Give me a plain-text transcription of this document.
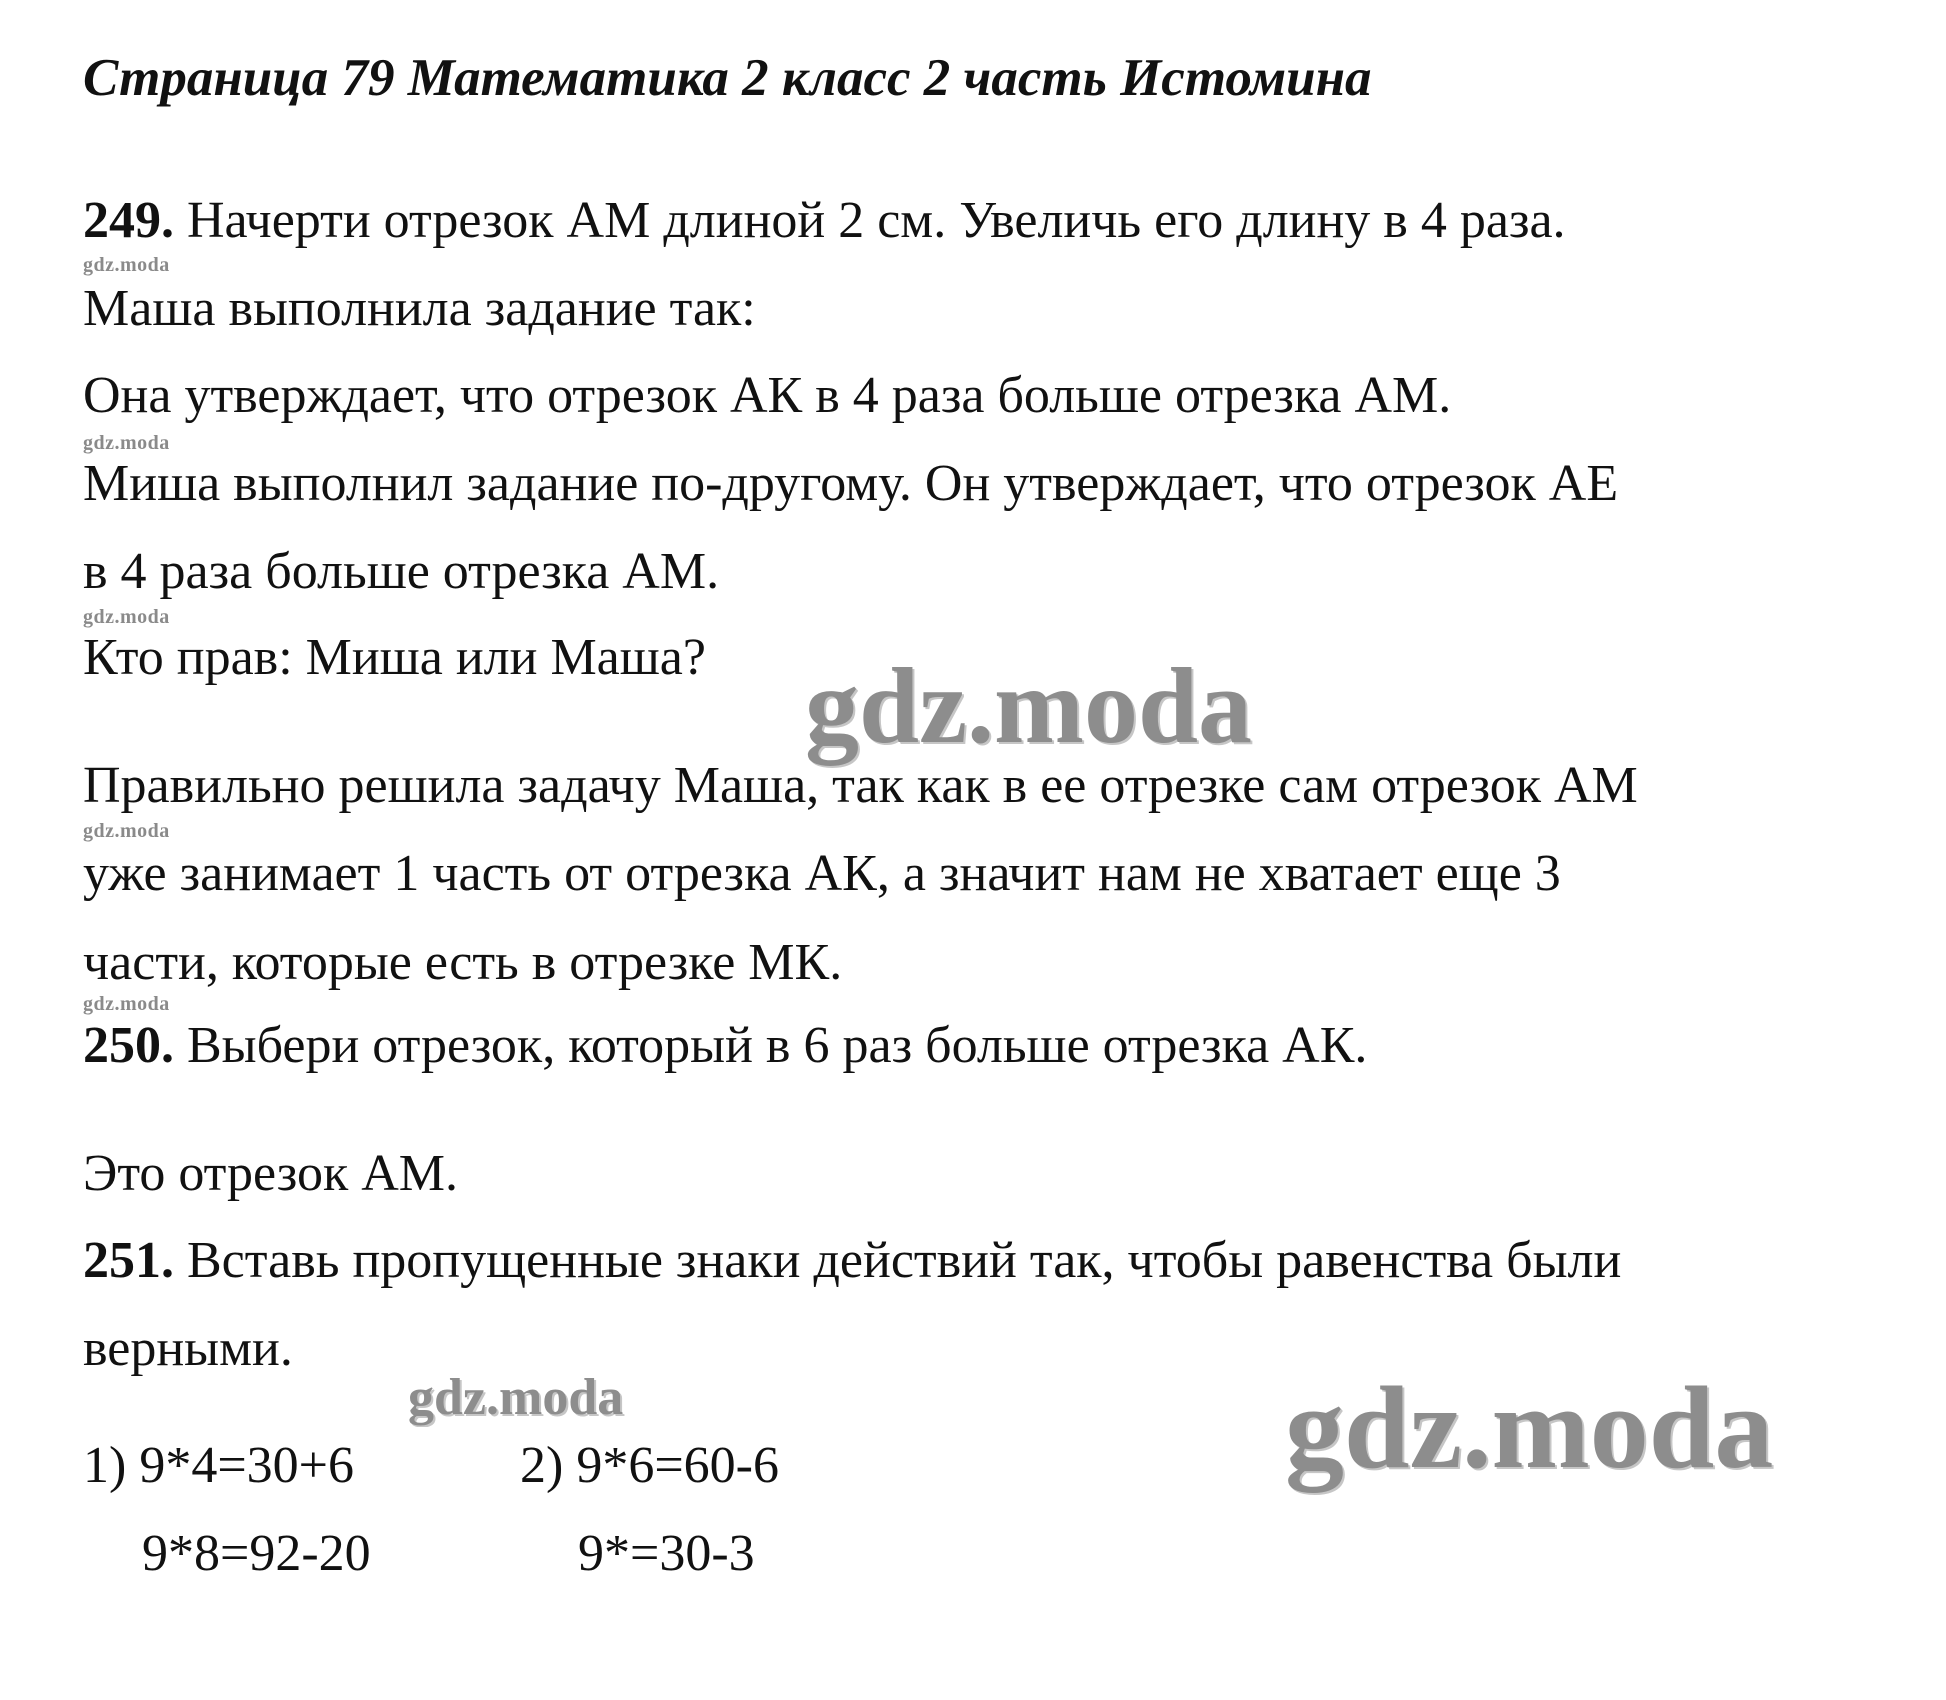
Страница 79 Математика 2 класс 2 часть Истомина
249. Начерти отрезок АМ длиной 2 см. Увеличь его длину в 4 раза.
gdz.moda
Маша выполнила задание так:
Она утверждает, что отрезок АК в 4 раза больше отрезка АМ.
gdz.moda
Миша выполнил задание по-другому. Он утверждает, что отрезок АЕ
в 4 раза больше отрезка АМ.
gdz.moda
Кто прав: Миша или Маша? gdz.moda
Правильно решила задачу Маша, так как в ее отрезке сам отрезок АМ
gdz.moda
уже занимает 1 часть от отрезка АК, а значит нам не хватает еще 3
части, которые есть в отрезке МК.
gdz.moda
250. Выбери отрезок, который в 6 раз больше отрезка АК.
Это отрезок АМ.
251. Вставь пропущенные знаки действий так, чтобы равенства были
верными.
gdz.moda	gdz.moda
1) 9*4=30+6	2) 9*6=60-6
9*8=92-20	9*=30-3
